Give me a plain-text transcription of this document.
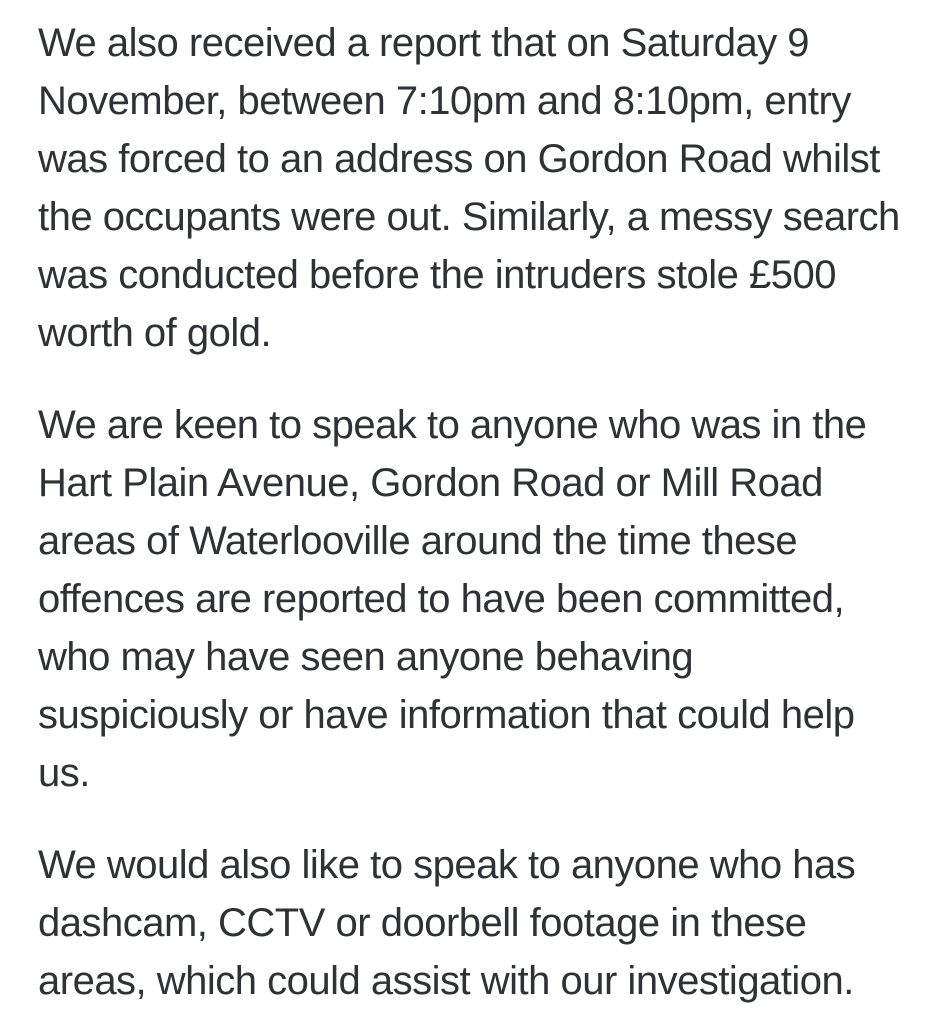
We also received a report that on Saturday 9
November, between 7:10pm and 8:10pm, entry
was forced to an address on Gordon Road whilst
the occupants were out. Similarly, a messy search
was conducted before the intruders stole £500
worth of gold.

We are keen to speak to anyone who was in the
Hart Plain Avenue, Gordon Road or Mill Road
areas of Waterlooville around the time these
offences are reported to have been committed,
who may have seen anyone behaving
suspiciously or have information that could help
us.

We would also like to speak to anyone who has
dashcam, CCTV or doorbell footage in these
areas, which could assist with our investigation.
